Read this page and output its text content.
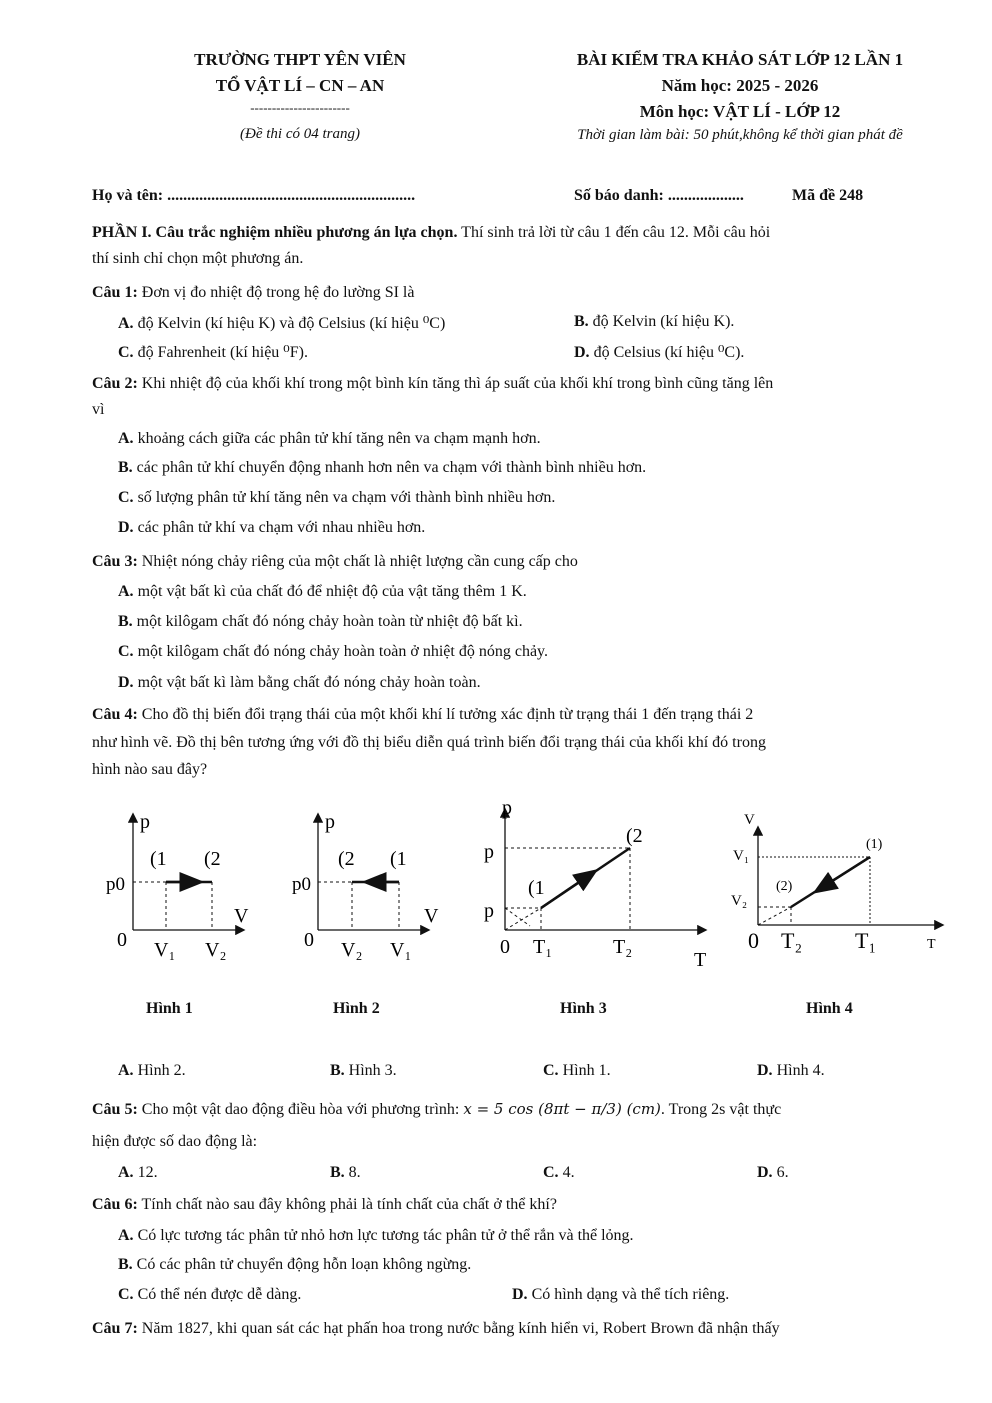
TRƯỜNG THPT YÊN VIÊN
TỔ VẬT LÍ – CN – AN
-----------------------
(Đề thi có 04 trang)
BÀI KIỂM TRA KHẢO SÁT LỚP 12 LẦN 1
Năm học: 2025 - 2026
Môn học: VẬT LÍ - LỚP 12
Thời gian làm bài: 50 phút,không kể thời gian phát đề
Họ và tên: ..............................................................	Số báo danh: ...................	Mã đề 248
PHẦN I. Câu trắc nghiệm nhiều phương án lựa chọn. Thí sinh trả lời từ câu 1 đến câu 12. Mỗi câu hỏi
thí sinh chỉ chọn một phương án.
Câu 1: Đơn vị đo nhiệt độ trong hệ đo lường SI là
A. độ Kelvin (kí hiệu K) và độ Celsius (kí hiệu ⁰C)	B. độ Kelvin (kí hiệu K).
C. độ Fahrenheit (kí hiệu ⁰F).	D. độ Celsius (kí hiệu ⁰C).
Câu 2: Khi nhiệt độ của khối khí trong một bình kín tăng thì áp suất của khối khí trong bình cũng tăng lên
vì
A. khoảng cách giữa các phân tử khí tăng nên va chạm mạnh hơn.
B. các phân tử khí chuyển động nhanh hơn nên va chạm với thành bình nhiều hơn.
C. số lượng phân tử khí tăng nên va chạm với thành bình nhiều hơn.
D. các phân tử khí va chạm với nhau nhiều hơn.
Câu 3: Nhiệt nóng chảy riêng của một chất là nhiệt lượng cần cung cấp cho
A. một vật bất kì của chất đó để nhiệt độ của vật tăng thêm 1 K.
B. một kilôgam chất đó nóng chảy hoàn toàn từ nhiệt độ bất kì.
C. một kilôgam chất đó nóng chảy hoàn toàn ở nhiệt độ nóng chảy.
D. một vật bất kì làm bằng chất đó nóng chảy hoàn toàn.
Câu 4: Cho đồ thị biến đổi trạng thái của một khối khí lí tưởng xác định từ trạng thái 1 đến trạng thái 2
như hình vẽ. Đồ thị bên tương ứng với đồ thị biểu diễn quá trình biến đổi trạng thái của khối khí đó trong
hình nào sau đây?
p
p0
(1 (2
V
0 V₁ V₂
p
p0
(2 (1
V
0 V₂ V₁
p
p
p
(1
(2
0 T₁	T₂
T
V
V₁
V₂
(1)
(2)
0 T₂ T₁	T
Hình 1	Hình 2	Hình 3	Hình 4
A. Hình 2.	B. Hình 3.	C. Hình 1.	D. Hình 4.
Câu 5: Cho một vật dao động điều hòa với phương trình: x = 5 cos (8πt − π/3) (cm). Trong 2s vật thực
hiện được số dao động là:
A. 12.	B. 8.	C. 4.	D. 6.
Câu 6: Tính chất nào sau đây không phải là tính chất của chất ở thể khí?
A. Có lực tương tác phân tử nhỏ hơn lực tương tác phân tử ở thể rắn và thể lỏng.
B. Có các phân tử chuyển động hỗn loạn không ngừng.
C. Có thể nén được dễ dàng.	D. Có hình dạng và thể tích riêng.
Câu 7: Năm 1827, khi quan sát các hạt phấn hoa trong nước bằng kính hiển vi, Robert Brown đã nhận thấy
